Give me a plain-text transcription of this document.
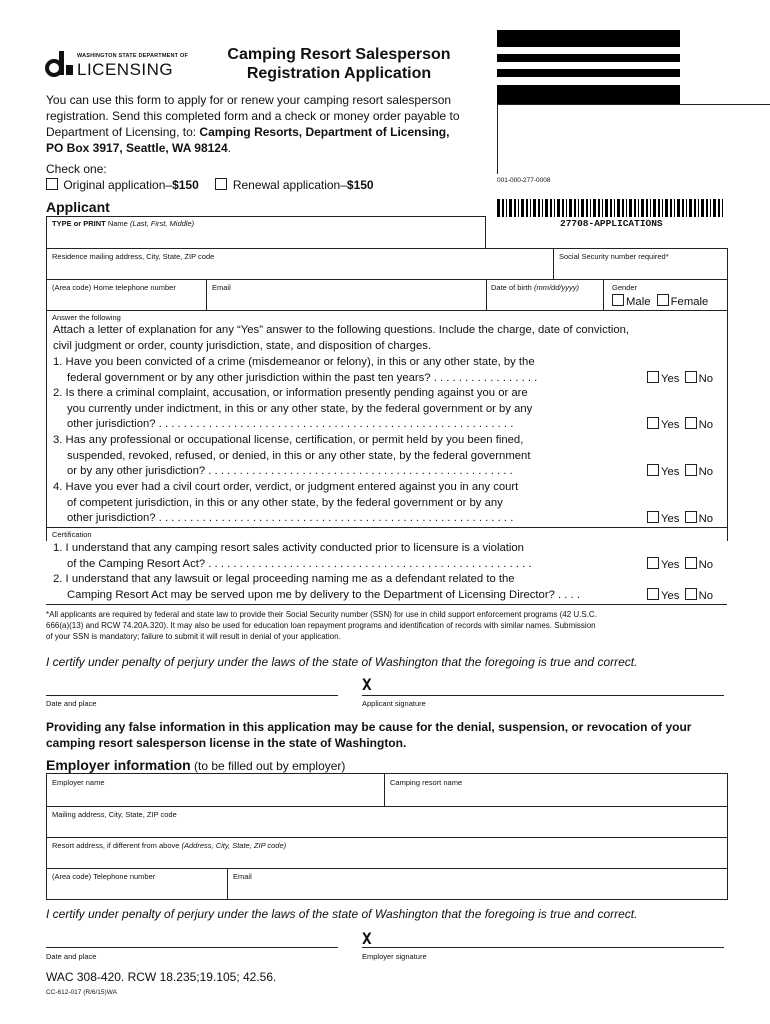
WASHINGTON STATE DEPARTMENT OF
LICENSING
Camping Resort Salesperson
Registration Application
001-000-277-0008
27708-APPLICATIONS
You can use this form to apply for or renew your camping resort salesperson
registration. Send this completed form and a check or money order payable to
Department of Licensing, to: Camping Resorts, Department of Licensing,
PO Box 3917, Seattle, WA 98124.
Check one:
Original application–$150	Renewal application–$150
Applicant
TYPE or PRINT Name (Last, First, Middle)
Residence mailing address, City, State, ZIP code	Social Security number required*
(Area code) Home telephone number	Email	Date of birth (mm/dd/yyyy)	Gender
Male Female
Answer the following
Attach a letter of explanation for any “Yes” answer to the following questions. Include the charge, date of conviction,
civil judgment or order, county jurisdiction, state, and disposition of charges.
1. Have you been convicted of a crime (misdemeanor or felony), in this or any other state, by the
federal government or by any other jurisdiction within the past ten years? . . . . . . . . . . . . . . . . .	Yes No
2. Is there a criminal complaint, accusation, or information presently pending against you or are
you currently under indictment, in this or any other state, by the federal government or by any
other jurisdiction? . . . . . . . . . . . . . . . . . . . . . . . . . . . . . . . . . . . . . . . . . . . . . . . . . . . . . . . . .	Yes No
3. Has any professional or occupational license, certification, or permit held by you been fined,
suspended, revoked, refused, or denied, in this or any other state, by the federal government
or by any other jurisdiction? . . . . . . . . . . . . . . . . . . . . . . . . . . . . . . . . . . . . . . . . . . . . . . . . .	Yes No
4. Have you ever had a civil court order, verdict, or judgment entered against you in any court
of competent jurisdiction, in this or any other state, by the federal government or by any
other jurisdiction? . . . . . . . . . . . . . . . . . . . . . . . . . . . . . . . . . . . . . . . . . . . . . . . . . . . . . . . . .	Yes No
Certification
1. I understand that any camping resort sales activity conducted prior to licensure is a violation
of the Camping Resort Act? . . . . . . . . . . . . . . . . . . . . . . . . . . . . . . . . . . . . . . . . . . . . . . . . . . . .	Yes No
2. I understand that any lawsuit or legal proceeding naming me as a defendant related to the
Camping Resort Act may be served upon me by delivery to the Department of Licensing Director? . . . .	Yes No
*All applicants are required by federal and state law to provide their Social Security number (SSN) for use in child support enforcement programs (42 U.S.C.
666(a)(13) and RCW 74.20A.320). It may also be used for education loan repayment programs and identification of records with similar names. Submission
of your SSN is mandatory; failure to submit it will result in denial of your application.
I certify under penalty of perjury under the laws of the state of Washington that the foregoing is true and correct.
X
Date and place	Applicant signature
Providing any false information in this application may be cause for the denial, suspension, or revocation of your
camping resort salesperson license in the state of Washington.
Employer information (to be filled out by employer)
Employer name	Camping resort name
Mailing address, City, State, ZIP code
Resort address, if different from above (Address, City, State, ZIP code)
(Area code) Telephone number	Email
I certify under penalty of perjury under the laws of the state of Washington that the foregoing is true and correct.
X
Date and place	Employer signature
WAC 308-420. RCW 18.235;19.105; 42.56.
CC-612-017 (R/6/15)WA
